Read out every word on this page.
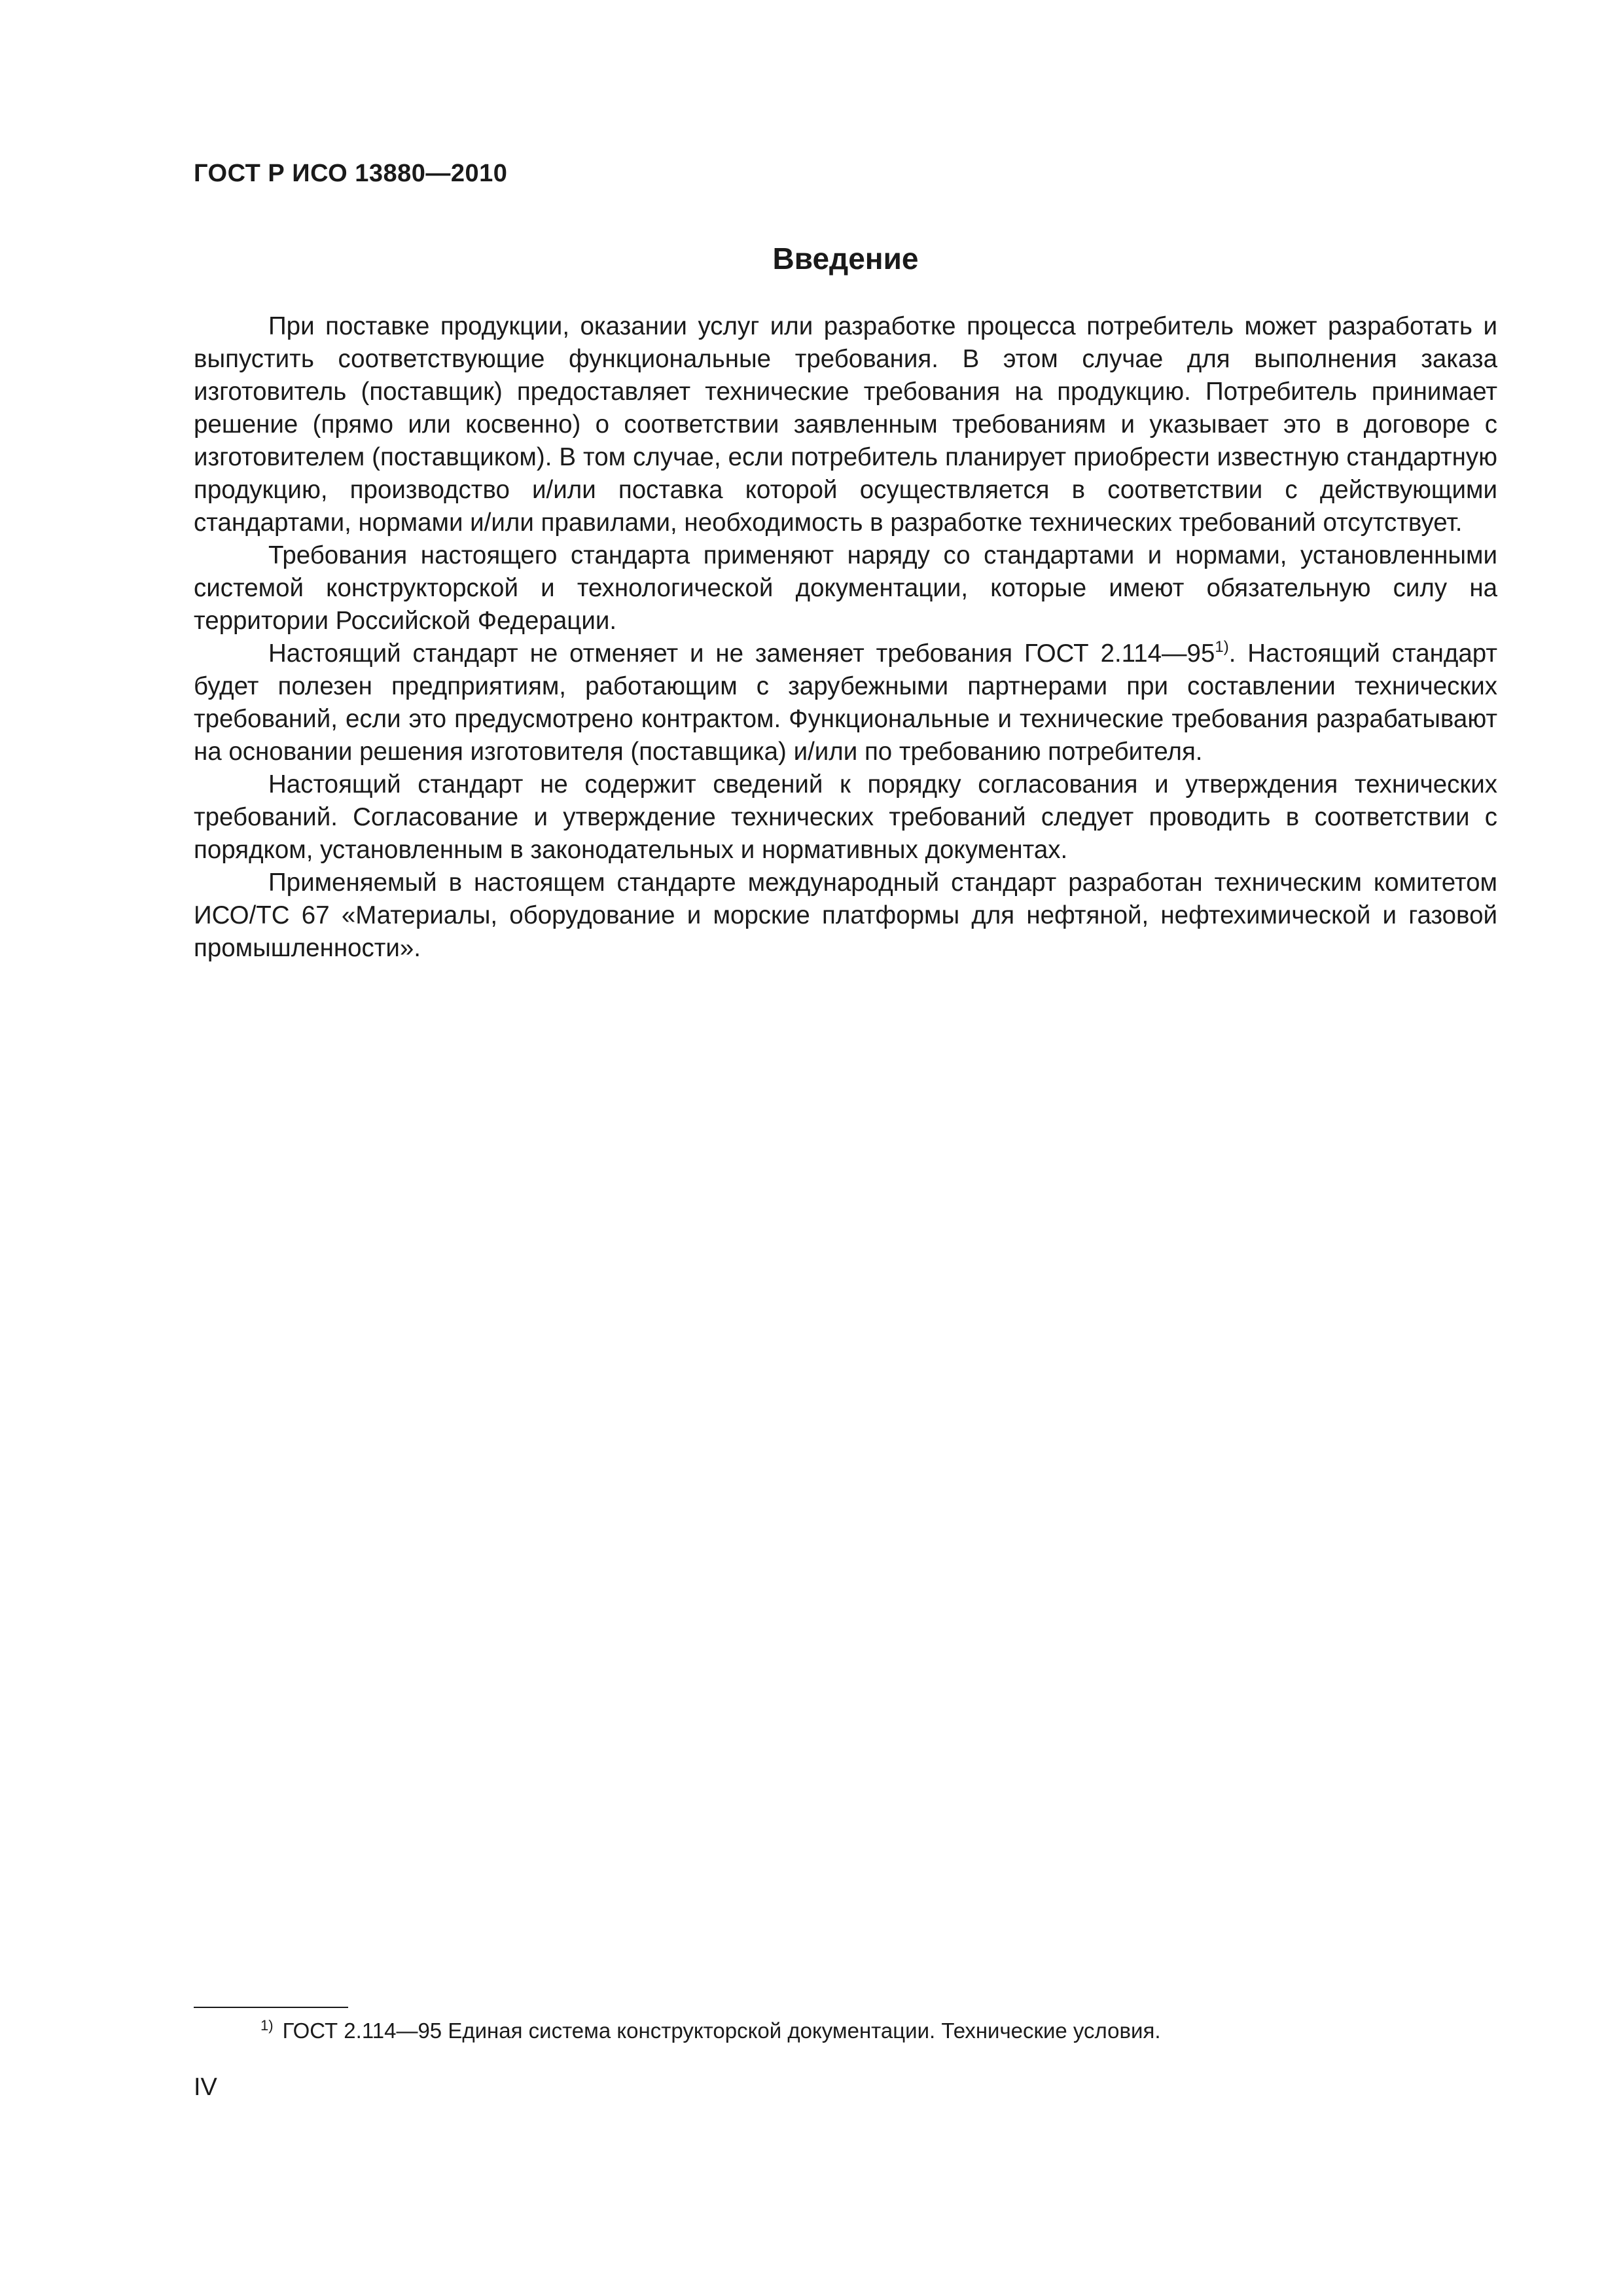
ГОСТ Р ИСО 13880—2010
Введение

При поставке продукции, оказании услуг или разработке процесса потребитель может разработать и выпустить соответствующие функциональные требования. В этом случае для выполнения заказа изготовитель (поставщик) предоставляет технические требования на продукцию. Потребитель принимает решение (прямо или косвенно) о соответствии заявленным требованиям и указывает это в договоре с изготовителем (поставщиком). В том случае, если потребитель планирует приобрести известную стандартную продукцию, производство и/или поставка которой осуществляется в соответствии с действующими стандартами, нормами и/или правилами, необходимость в разработке технических требований отсутствует.

Требования настоящего стандарта применяют наряду со стандартами и нормами, установленными системой конструкторской и технологической документации, которые имеют обязательную силу на территории Российской Федерации.

Настоящий стандарт не отменяет и не заменяет требования ГОСТ 2.114—95$^{1)}$. Настоящий стандарт будет полезен предприятиям, работающим с зарубежными партнерами при составлении технических требований, если это предусмотрено контрактом. Функциональные и технические требования разрабатывают на основании решения изготовителя (поставщика) и/или по требованию потребителя.

Настоящий стандарт не содержит сведений к порядку согласования и утверждения технических требований. Согласование и утверждение технических требований следует проводить в соответствии с порядком, установленным в законодательных и нормативных документах.

Применяемый в настоящем стандарте международный стандарт разработан техническим комитетом ИСО/ТС 67 «Материалы, оборудование и морские платформы для нефтяной, нефтехимической и газовой промышленности».

$^{1)}$ ГОСТ 2.114—95 Единая система конструкторской документации. Технические условия.
IV
